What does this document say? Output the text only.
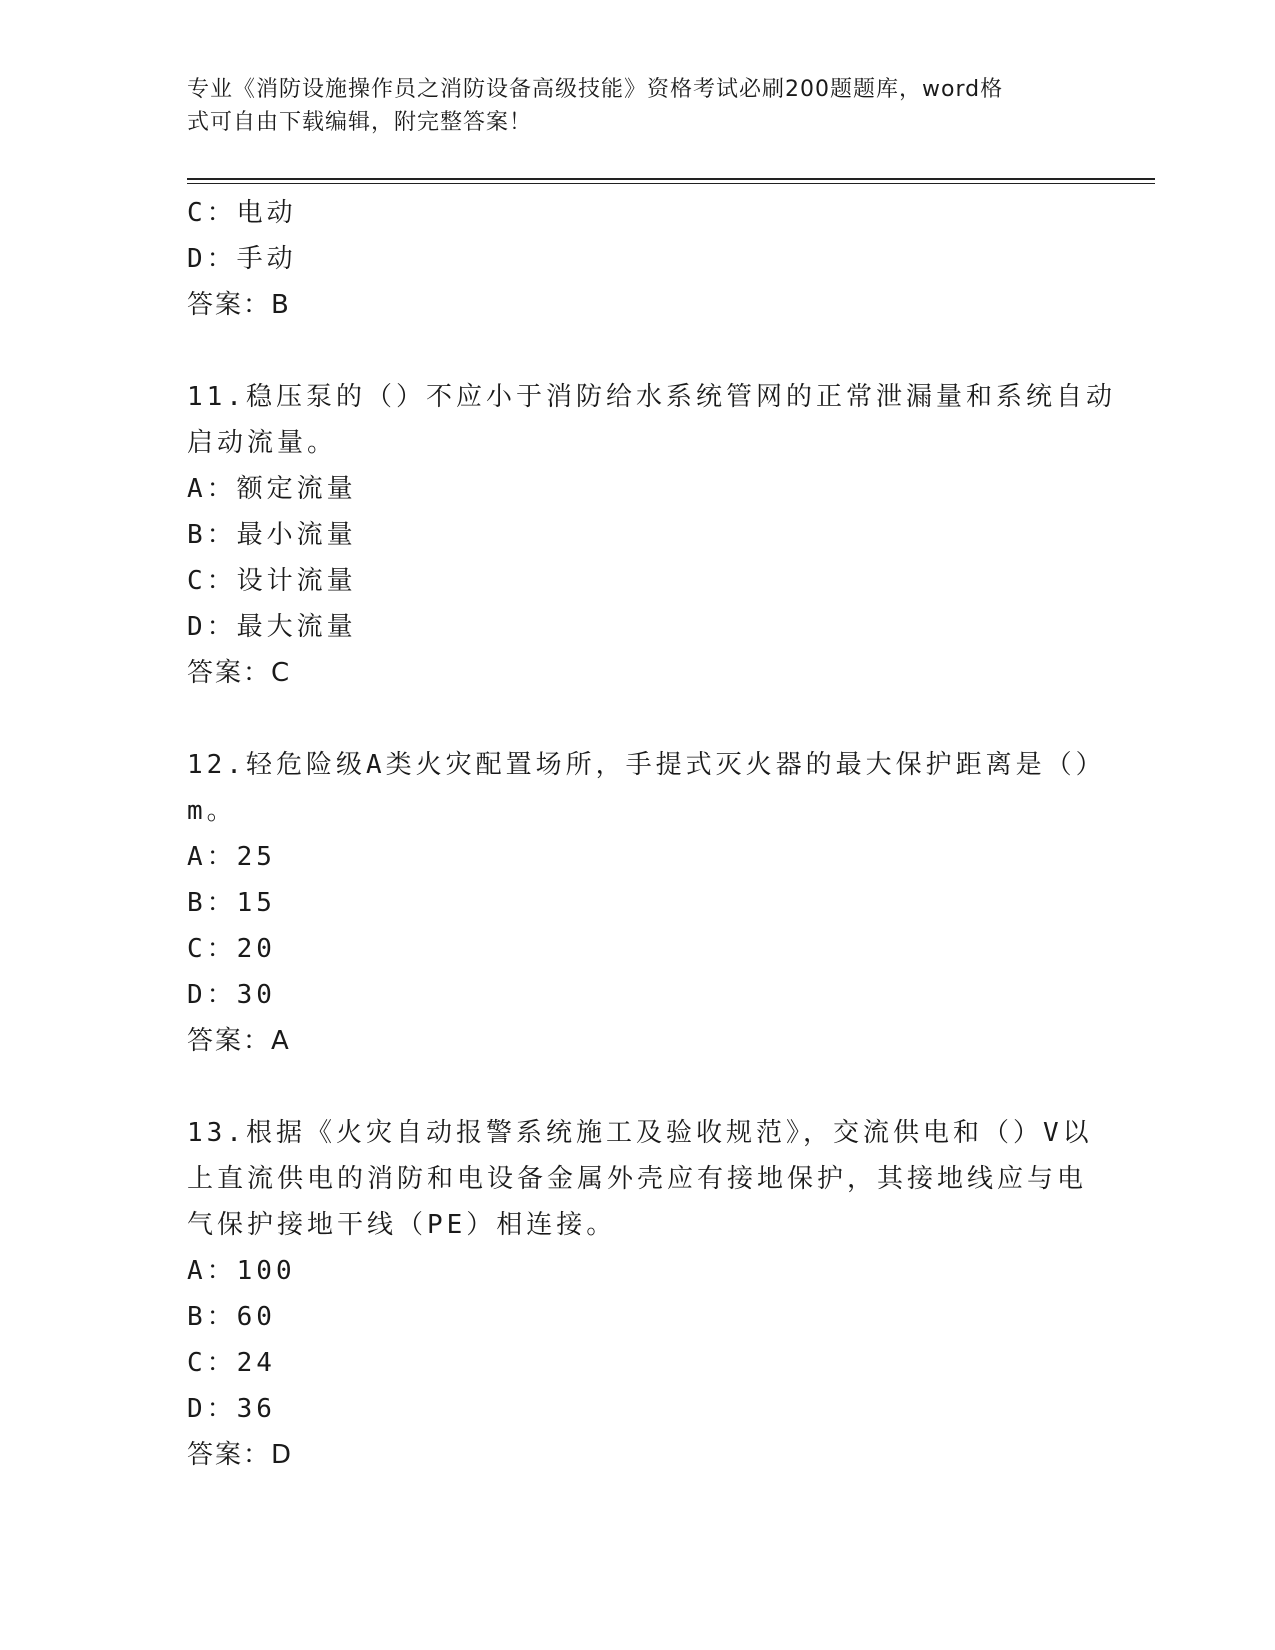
专业《消防设施操作员之消防设备高级技能》资格考试必刷200题题库，word格
式可自由下载编辑，附完整答案！
C：电动
D：手动
答案：B
11.稳压泵的（）不应小于消防给水系统管网的正常泄漏量和系统自动
启动流量。
A：额定流量
B：最小流量
C：设计流量
D：最大流量
答案：C
12.轻危险级A类火灾配置场所，手提式灭火器的最大保护距离是（）
m。
A：25
B：15
C：20
D：30
答案：A
13.根据《火灾自动报警系统施工及验收规范》，交流供电和（）V以
上直流供电的消防和电设备金属外壳应有接地保护，其接地线应与电
气保护接地干线（PE）相连接。
A：100
B：60
C：24
D：36
答案：D
